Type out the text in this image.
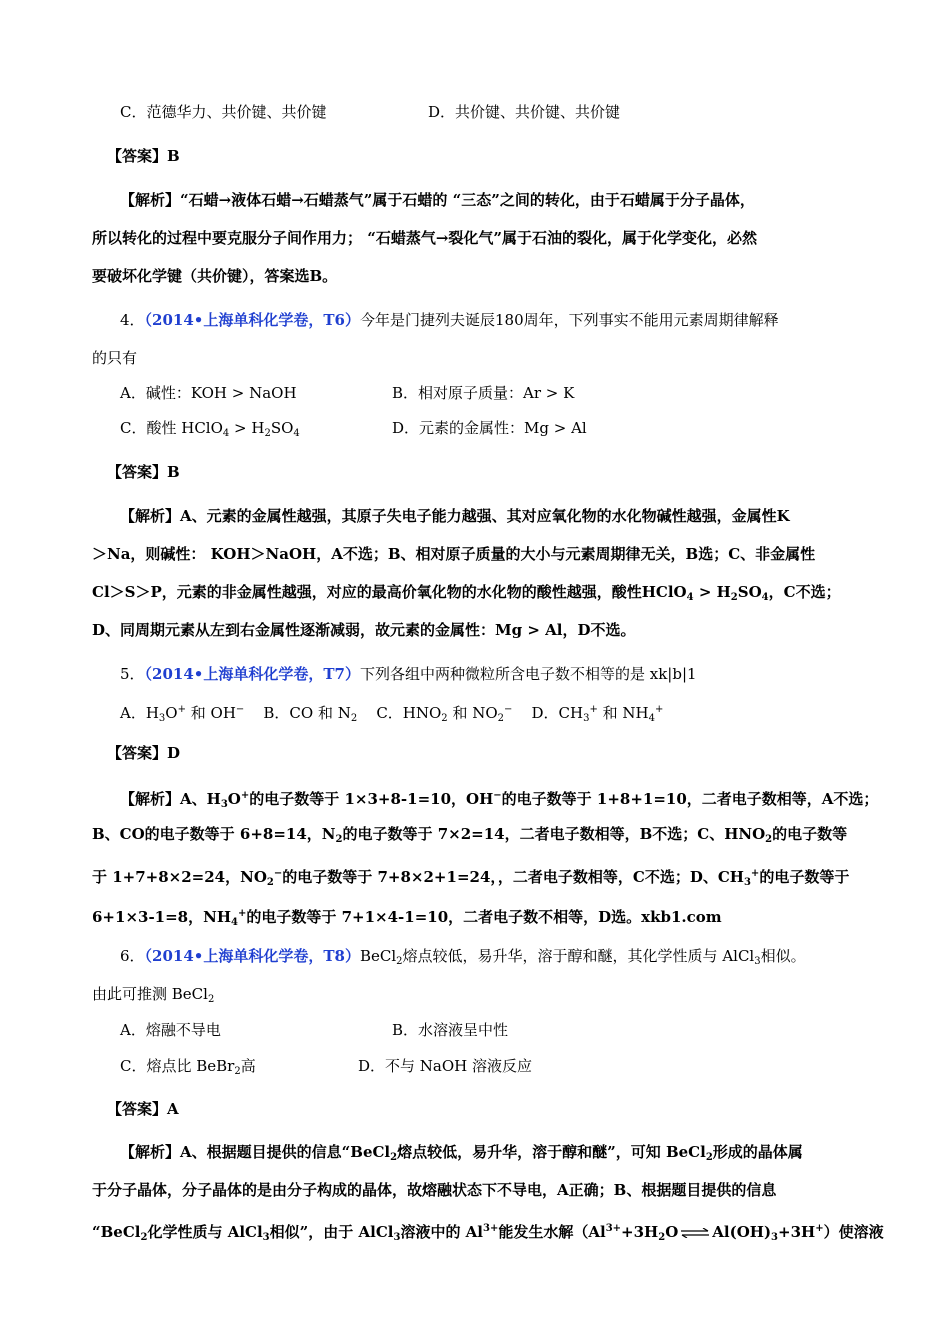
C．范德华力、共价键、共价键	D．共价键、共价键、共价键
【答案】B
【解析】“石蜡→液体石蜡→石蜡蒸气”属于石蜡的 “三态”之间的转化，由于石蜡属于分子晶体，
所以转化的过程中要克服分子间作用力； “石蜡蒸气→裂化气”属于石油的裂化，属于化学变化，必然
要破坏化学键（共价键），答案选B。
4．（2014•上海单科化学卷，T6）今年是门捷列夫诞辰180周年，下列事实不能用元素周期律解释
的只有
A．碱性：KOH > NaOH	B．相对原子质量：Ar > K
C．酸性 HClO$_4$ > $H_2SO_4$	D．元素的金属性：Mg > Al
【答案】B
【解析】A、元素的金属性越强，其原子失电子能力越强、其对应氧化物的水化物碱性越强，金属性K
＞Na，则碱性： KOH＞NaOH，A不选；B、相对原子质量的大小与元素周期律无关，B选；C、非金属性
Cl＞S＞P，元素的非金属性越强，对应的最高价氧化物的水化物的酸性越强，酸性HClO$_4$ > $H_2SO_4$，C不选；
D、同周期元素从左到右金属性逐渐减弱，故元素的金属性：Mg > Al，D不选。
5．（2014•上海单科化学卷，T7）下列各组中两种微粒所含电子数不相等的是 xk|b|1
A．$H_3O^+$ 和 OH− B．CO 和 $N_2$ C．$HNO_2$ 和 $NO_2^-$ D．$CH_3^+$ 和 $NH_4^+$
【答案】D
【解析】A、$H_3O^+$的电子数等于 1×3+8-1=10，OH−的电子数等于 1+8+1=10，二者电子数相等，A不选；
B、CO的电子数等于 6+8=14，$N_2$的电子数等于 7×2=14，二者电子数相等，B不选；C、$HNO_2$的电子数等
于 1+7+8×2=24，$NO_2^-$的电子数等于 7+8×2+1=24，，二者电子数相等，C不选；D、$CH_3^+$的电子数等于
6+1×3-1=8，$NH_4^+$的电子数等于 7+1×4-1=10，二者电子数不相等，D选。xkb1.com
6．（2014•上海单科化学卷，T8）BeCl$_2$熔点较低，易升华，溶于醇和醚，其化学性质与 AlCl$_3$相似。
由此可推测 BeCl$_2$
A．熔融不导电	B．水溶液呈中性
C．熔点比 BeBr$_2$高	D．不与 NaOH 溶液反应
【答案】A
【解析】A、根据题目提供的信息“BeCl$_2$熔点较低，易升华，溶于醇和醚”，可知 BeCl$_2$形成的晶体属
于分子晶体，分子晶体的是由分子构成的晶体，故熔融状态下不导电，A正确；B、根据题目提供的信息
“BeCl$_2$化学性质与 AlCl$_3$相似”，由于 AlCl$_3$溶液中的 $Al^{3+}$能发生水解（$Al^{3+}+3H_2O$ ⇌ $Al(OH)_3+3H^+$）使溶液
